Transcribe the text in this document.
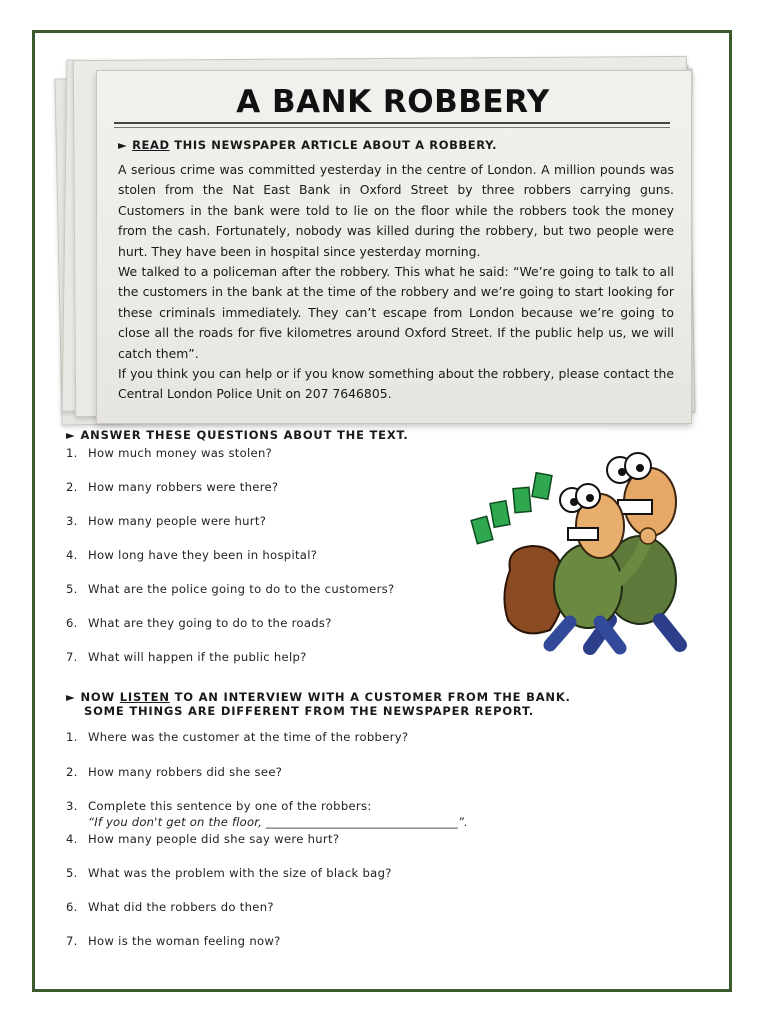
A BANK ROBBERY
► READ THIS NEWSPAPER ARTICLE ABOUT A ROBBERY.

A serious crime was committed yesterday in the centre of London. A million pounds was stolen from the Nat East Bank in Oxford Street by three robbers carrying guns. Customers in the bank were told to lie on the floor while the robbers took the money from the cash. Fortunately, nobody was killed during the robbery, but two people were hurt. They have been in hospital since yesterday morning.

We talked to a policeman after the robbery. This what he said: “We’re going to talk to all the customers in the bank at the time of the robbery and we’re going to start looking for these criminals immediately. They can’t escape from London because we’re going to close all the roads for five kilometres around Oxford Street. If the public help us, we will catch them”.

If you think you can help or if you know something about the robbery, please contact the Central London Police Unit on 207 7646805.

► ANSWER THESE QUESTIONS ABOUT THE TEXT.
1. How much money was stolen?
2. How many robbers were there?
3. How many people were hurt?
4. How long have they been in hospital?
5. What are the police going to do to the customers?
6. What are they going to do to the roads?
7. What will happen if the public help?
► NOW LISTEN TO AN INTERVIEW WITH A CUSTOMER FROM THE BANK.
SOME THINGS ARE DIFFERENT FROM THE NEWSPAPER REPORT.
1. Where was the customer at the time of the robbery?
2. How many robbers did she see?
3. Complete this sentence by one of the robbers:
“If you don't get on the floor, ________________________________”.
4. How many people did she say were hurt?
5. What was the problem with the size of black bag?
6. What did the robbers do then?
7. How is the woman feeling now?
